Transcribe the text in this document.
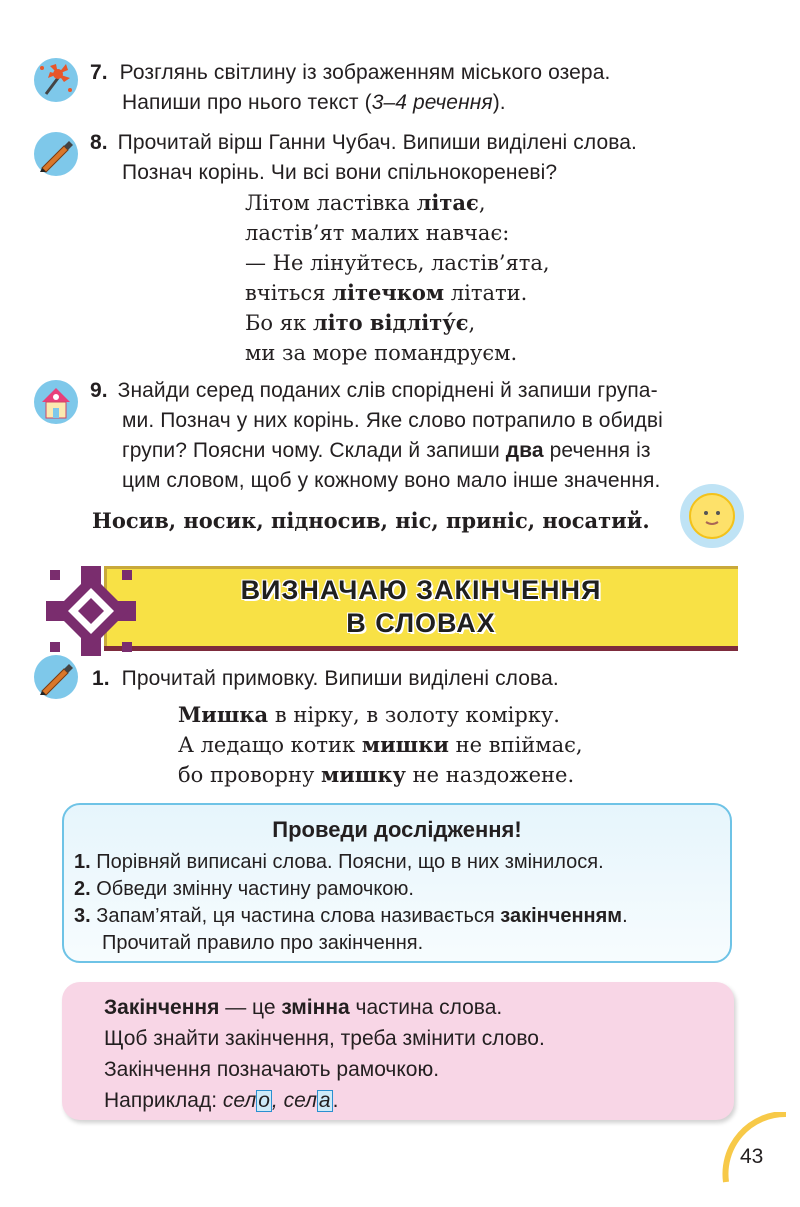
7. Розглянь світлину із зображенням міського озера.
Напиши про нього текст (3–4 речення).
8. Прочитай вірш Ганни Чубач. Випиши виділені слова.
Познач корінь. Чи всі вони спільнокореневі?
Літом ластівка літає,
ластів’ят малих навчає:
— Не лінуйтесь, ластів’ята,
вчіться літечком літати.
Бо як літо відліту́є,
ми за море помандруєм.
9. Знайди серед поданих слів споріднені й запиши група-
ми. Познач у них корінь. Яке слово потрапило в обидві
групи? Поясни чому. Склади й запиши два речення із
цим словом, щоб у кожному воно мало інше значення.
Носив, носик, підносив, ніс, приніс, носатий.
ВИЗНАЧАЮ ЗАКІНЧЕННЯ
В СЛОВАХ
1. Прочитай примовку. Випиши виділені слова.
Мишка в нірку, в золоту комірку.
А ледащо котик мишки не впіймає,
бо проворну мишку не наздожене.
Проведи дослідження!
1. Порівняй виписані слова. Поясни, що в них змінилося.
2. Обведи змінну частину рамочкою.
3. Запам’ятай, ця частина слова називається закінченням.
Прочитай правило про закінчення.
Закінчення — це змінна частина слова.
Щоб знайти закінчення, треба змінити слово.
Закінчення позначають рамочкою.
Наприклад: село, села.
43
